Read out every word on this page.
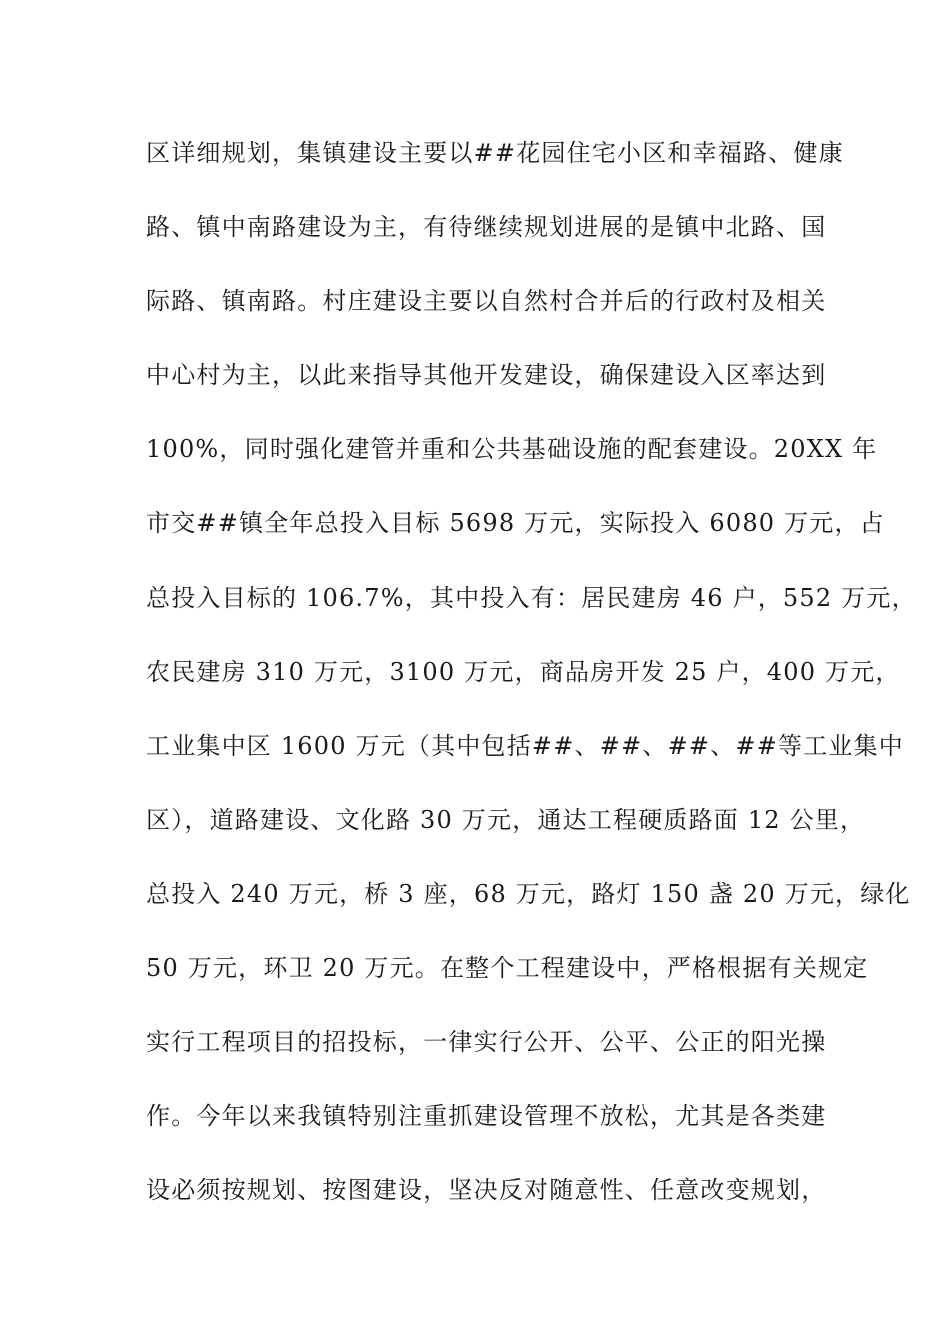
区详细规划，集镇建设主要以##花园住宅小区和幸福路、健康
路、镇中南路建设为主，有待继续规划进展的是镇中北路、国
际路、镇南路。村庄建设主要以自然村合并后的行政村及相关
中心村为主，以此来指导其他开发建设，确保建设入区率达到
100%，同时强化建管并重和公共基础设施的配套建设。20XX 年
市交##镇全年总投入目标 5698 万元，实际投入 6080 万元，占
总投入目标的 106.7%，其中投入有：居民建房 46 户，552 万元，
农民建房 310 万元，3100 万元，商品房开发 25 户，400 万元，
工业集中区 1600 万元（其中包括##、##、##、##等工业集中
区），道路建设、文化路 30 万元，通达工程硬质路面 12 公里，
总投入 240 万元，桥 3 座，68 万元，路灯 150 盏 20 万元，绿化
50 万元，环卫 20 万元。在整个工程建设中，严格根据有关规定
实行工程项目的招投标，一律实行公开、公平、公正的阳光操
作。今年以来我镇特别注重抓建设管理不放松，尤其是各类建
设必须按规划、按图建设，坚决反对随意性、任意改变规划，
